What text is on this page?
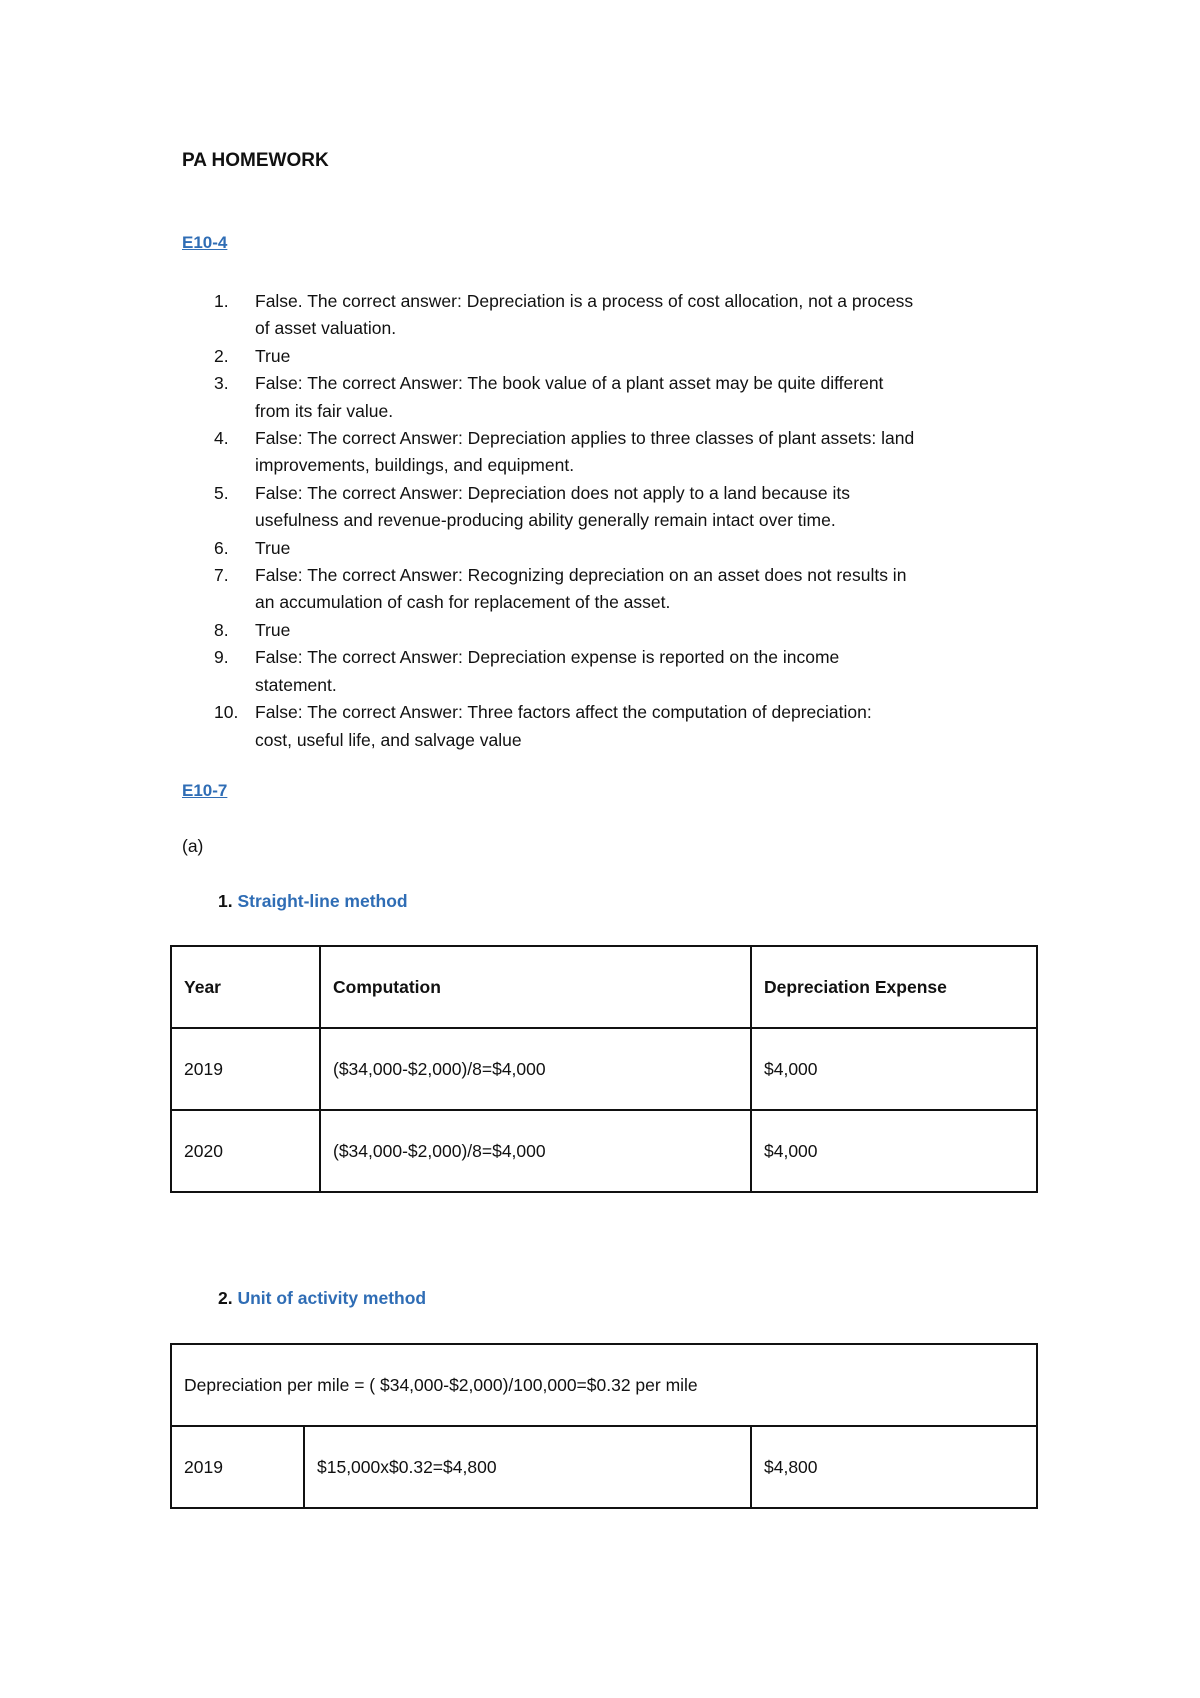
PA HOMEWORK
E10-4
1. False. The correct answer: Depreciation is a process of cost allocation, not a process
of asset valuation.
2. True
3. False: The correct Answer: The book value of a plant asset may be quite different
from its fair value.
4. False: The correct Answer: Depreciation applies to three classes of plant assets: land
improvements, buildings, and equipment.
5. False: The correct Answer: Depreciation does not apply to a land because its
usefulness and revenue-producing ability generally remain intact over time.
6. True
7. False: The correct Answer: Recognizing depreciation on an asset does not results in
an accumulation of cash for replacement of the asset.
8. True
9. False: The correct Answer: Depreciation expense is reported on the income
statement.
10. False: The correct Answer: Three factors affect the computation of depreciation:
cost, useful life, and salvage value
E10-7
(a)
1. Straight-line method
Year	Computation	Depreciation Expense
2019	($34,000-$2,000)/8=$4,000	$4,000
2020	($34,000-$2,000)/8=$4,000	$4,000
2. Unit of activity method
Depreciation per mile = ( $34,000-$2,000)/100,000=$0.32 per mile
2019	$15,000x$0.32=$4,800	$4,800
